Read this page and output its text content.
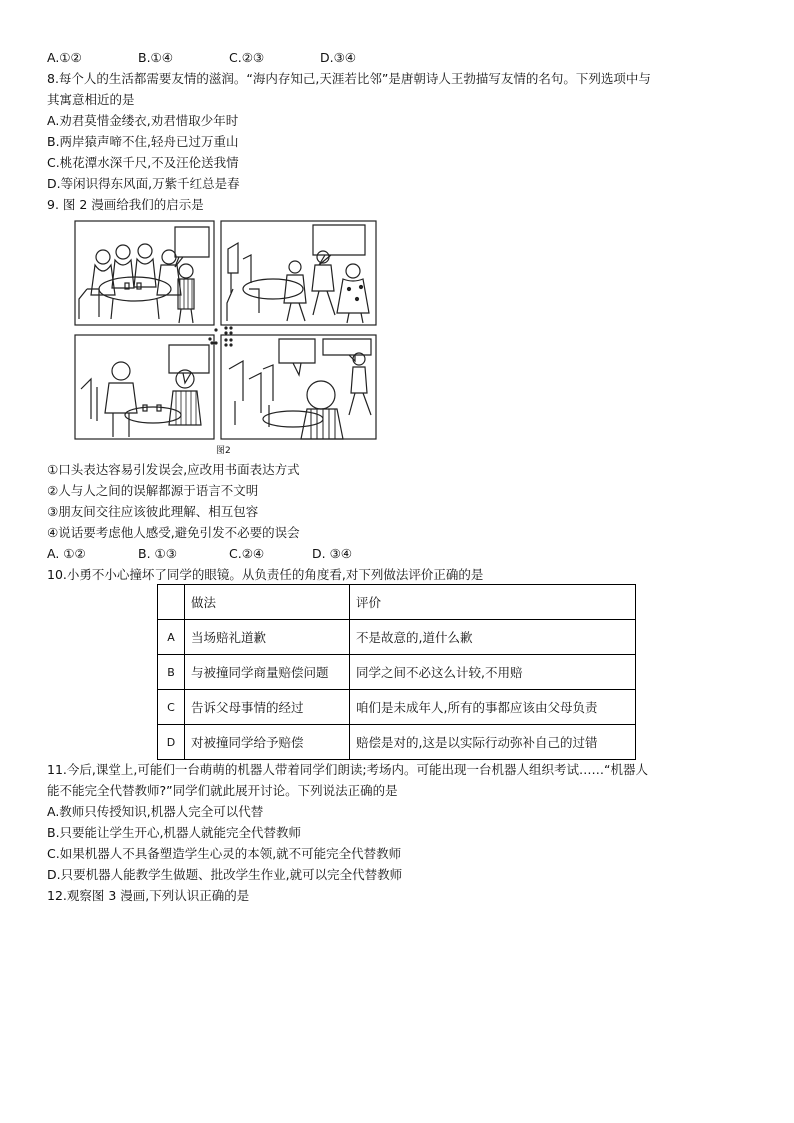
A.①②	B.①④	C.②③	D.③④
8.每个人的生活都需要友情的滋润。“海内存知己,天涯若比邻”是唐朝诗人王勃描写友情的名句。下列选项中与
其寓意相近的是
A.劝君莫惜金缕衣,劝君惜取少年时
B.两岸猿声啼不住,轻舟已过万重山
C.桃花潭水深千尺,不及汪伦送我情
D.等闲识得东风面,万紫千红总是春
9. 图 2 漫画给我们的启示是
图2
①口头表达容易引发误会,应改用书面表达方式
②人与人之间的误解都源于语言不文明
③朋友间交往应该彼此理解、相互包容
④说话要考虑他人感受,避免引发不必要的误会
A. ①②	B. ①③	C.②④	D. ③④
10.小勇不小心撞坏了同学的眼镜。从负责任的角度看,对下列做法评价正确的是
	做法	评价
A	当场赔礼道歉	不是故意的,道什么歉
B	与被撞同学商量赔偿问题	同学之间不必这么计较,不用赔
C	告诉父母事情的经过	咱们是未成年人,所有的事都应该由父母负责
D	对被撞同学给予赔偿	赔偿是对的,这是以实际行动弥补自己的过错
11.今后,课堂上,可能们一台萌萌的机器人带着同学们朗读;考场内。可能出现一台机器人组织考试……“机器人
能不能完全代替教师?”同学们就此展开讨论。下列说法正确的是
A.教师只传授知识,机器人完全可以代替
B.只要能让学生开心,机器人就能完全代替教师
C.如果机器人不具备塑造学生心灵的本领,就不可能完全代替教师
D.只要机器人能教学生做题、批改学生作业,就可以完全代替教师
12.观察图 3 漫画,下列认识正确的是
